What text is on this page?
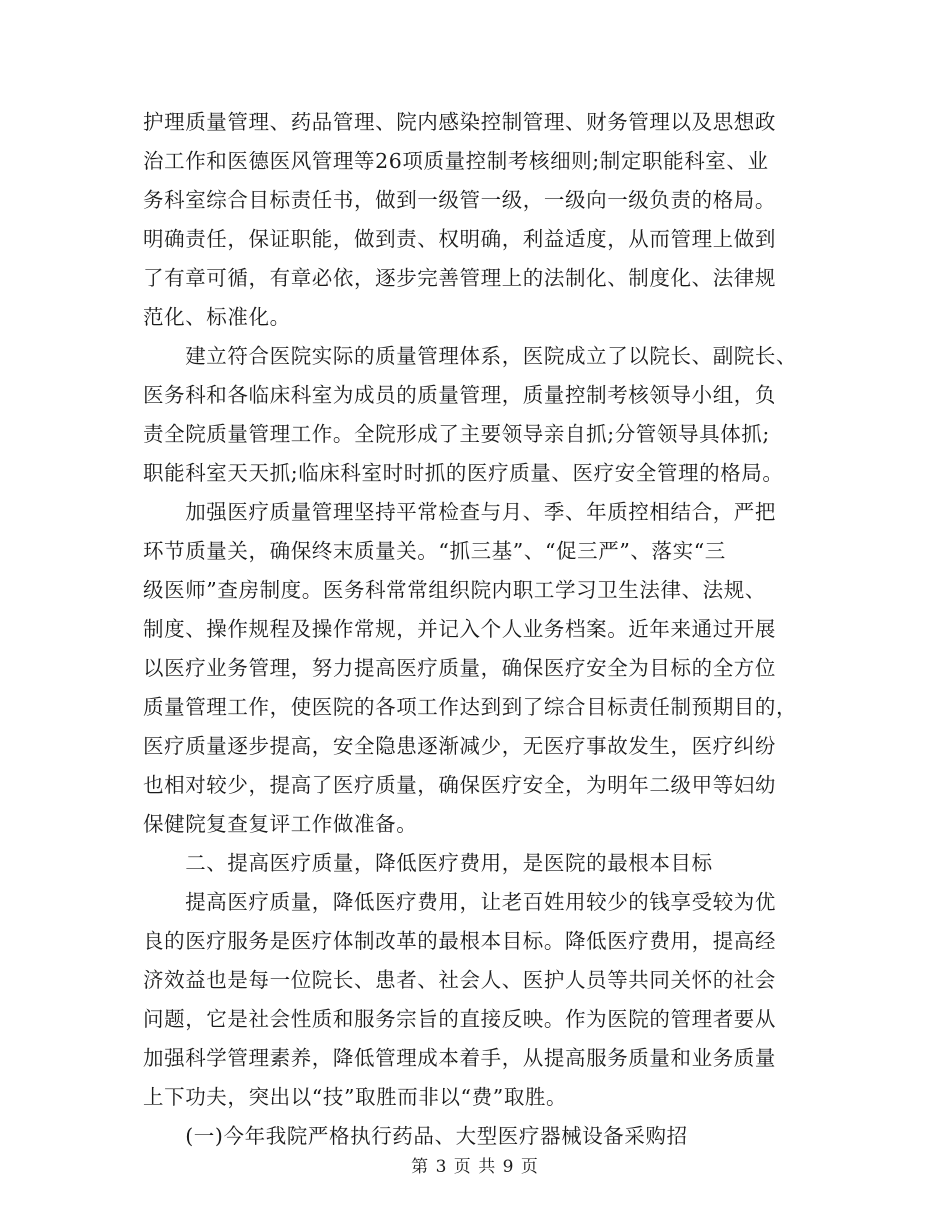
护理质量管理、药品管理、院内感染控制管理、财务管理以及思想政
治工作和医德医风管理等26项质量控制考核细则;制定职能科室、业
务科室综合目标责任书，做到一级管一级，一级向一级负责的格局。
明确责任，保证职能，做到责、权明确，利益适度，从而管理上做到
了有章可循，有章必依，逐步完善管理上的法制化、制度化、法律规
范化、标准化。
　　建立符合医院实际的质量管理体系，医院成立了以院长、副院长、
医务科和各临床科室为成员的质量管理，质量控制考核领导小组，负
责全院质量管理工作。全院形成了主要领导亲自抓;分管领导具体抓;
职能科室天天抓;临床科室时时抓的医疗质量、医疗安全管理的格局。
　　加强医疗质量管理坚持平常检查与月、季、年质控相结合，严把
环节质量关，确保终末质量关。“抓三基”、“促三严”、落实“三
级医师”查房制度。医务科常常组织院内职工学习卫生法律、法规、
制度、操作规程及操作常规，并记入个人业务档案。近年来通过开展
以医疗业务管理，努力提高医疗质量，确保医疗安全为目标的全方位
质量管理工作，使医院的各项工作达到到了综合目标责任制预期目的，
医疗质量逐步提高，安全隐患逐渐减少，无医疗事故发生，医疗纠纷
也相对较少，提高了医疗质量，确保医疗安全，为明年二级甲等妇幼
保健院复查复评工作做准备。
　　二、提高医疗质量，降低医疗费用，是医院的最根本目标
　　提高医疗质量，降低医疗费用，让老百姓用较少的钱享受较为优
良的医疗服务是医疗体制改革的最根本目标。降低医疗费用，提高经
济效益也是每一位院长、患者、社会人、医护人员等共同关怀的社会
问题，它是社会性质和服务宗旨的直接反映。作为医院的管理者要从
加强科学管理素养，降低管理成本着手，从提高服务质量和业务质量
上下功夫，突出以“技”取胜而非以“费”取胜。
　　(一)今年我院严格执行药品、大型医疗器械设备采购招
第 3 页 共 9 页
